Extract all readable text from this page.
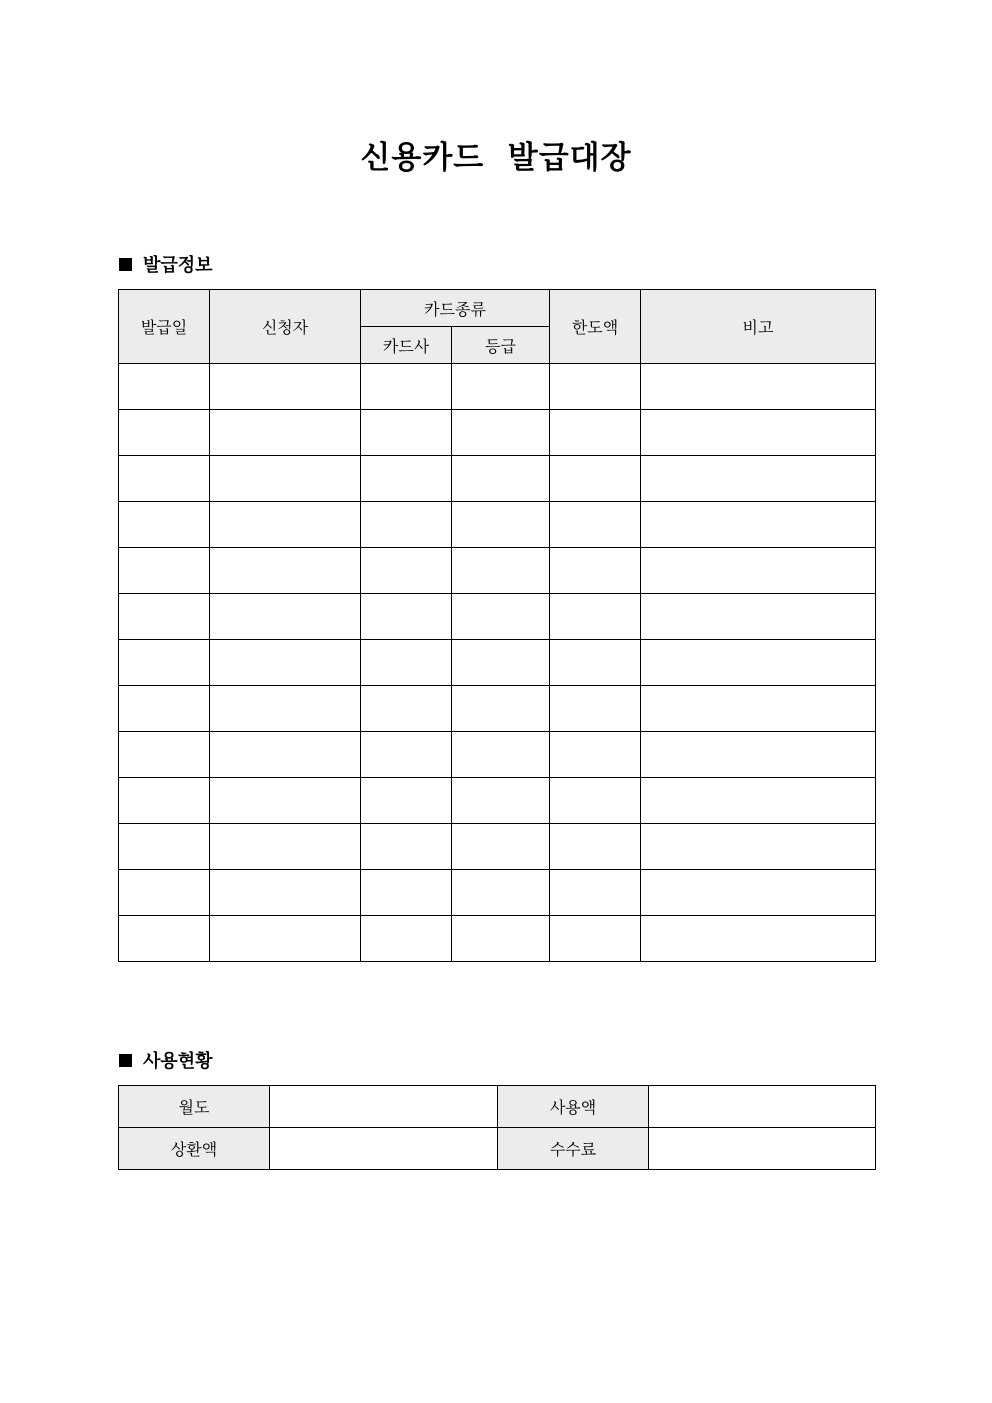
신용카드  발급대장
발급정보
발급일	신청자	카드종류		한도액	비고
		카드사	등급		

사용현황
월도		사용액	
상환액		수수료	
